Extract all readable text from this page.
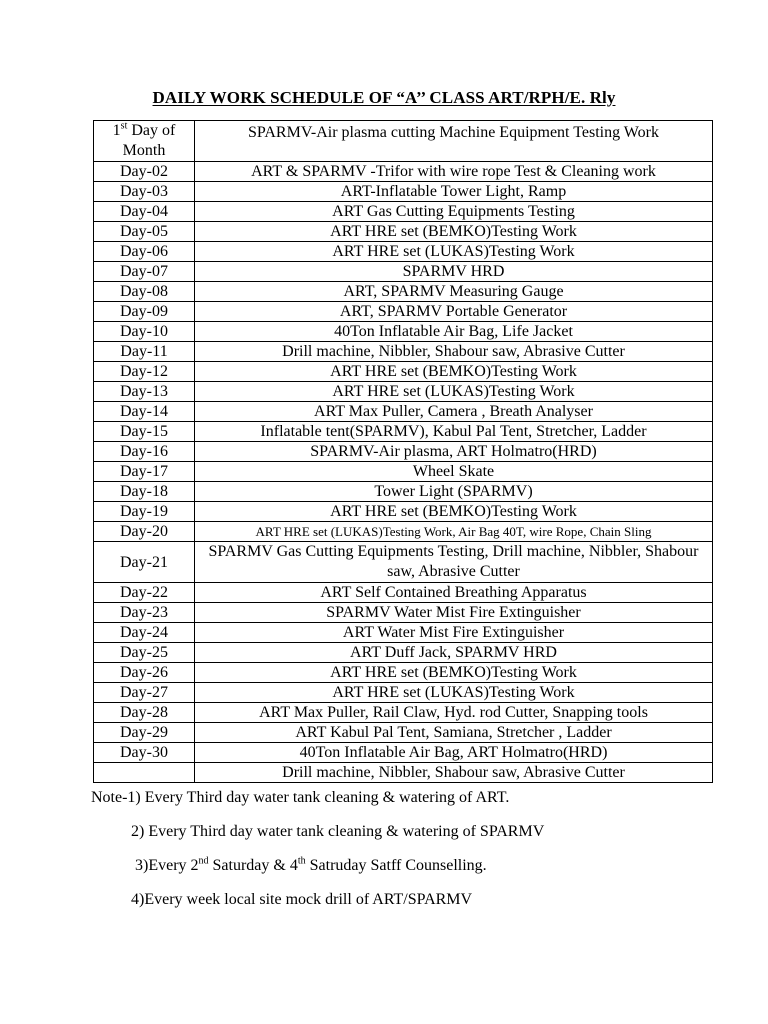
DAILY WORK SCHEDULE OF “A’’ CLASS ART/RPH/E. Rly
1st Day of
Month	SPARMV-Air plasma cutting Machine Equipment Testing Work
Day-02	ART & SPARMV -Trifor with wire rope Test & Cleaning work
Day-03	ART-Inflatable Tower Light, Ramp
Day-04	ART Gas Cutting Equipments Testing
Day-05	ART HRE set (BEMKO)Testing Work
Day-06	ART HRE set (LUKAS)Testing Work
Day-07	SPARMV HRD
Day-08	ART, SPARMV Measuring Gauge
Day-09	ART, SPARMV Portable Generator
Day-10	40Ton Inflatable Air Bag, Life Jacket
Day-11	Drill machine, Nibbler, Shabour saw, Abrasive Cutter
Day-12	ART HRE set (BEMKO)Testing Work
Day-13	ART HRE set (LUKAS)Testing Work
Day-14	ART Max Puller, Camera , Breath Analyser
Day-15	Inflatable tent(SPARMV), Kabul Pal Tent, Stretcher, Ladder
Day-16	SPARMV-Air plasma, ART Holmatro(HRD)
Day-17	Wheel Skate
Day-18	Tower Light (SPARMV)
Day-19	ART HRE set (BEMKO)Testing Work
Day-20	ART HRE set (LUKAS)Testing Work, Air Bag 40T, wire Rope, Chain Sling
Day-21	SPARMV Gas Cutting Equipments Testing, Drill machine, Nibbler, Shabour saw, Abrasive Cutter
Day-22	ART Self Contained Breathing Apparatus
Day-23	SPARMV Water Mist Fire Extinguisher
Day-24	ART Water Mist Fire Extinguisher
Day-25	ART Duff Jack, SPARMV HRD
Day-26	ART HRE set (BEMKO)Testing Work
Day-27	ART HRE set (LUKAS)Testing Work
Day-28	ART Max Puller, Rail Claw, Hyd. rod Cutter, Snapping tools
Day-29	ART Kabul Pal Tent, Samiana, Stretcher , Ladder
Day-30	40Ton Inflatable Air Bag, ART Holmatro(HRD)
	Drill machine, Nibbler, Shabour saw, Abrasive Cutter
Note-1) Every Third day water tank cleaning & watering of ART.
2) Every Third day water tank cleaning & watering of SPARMV
3)Every 2nd Saturday & 4th Satruday Satff Counselling.
4)Every week local site mock drill of ART/SPARMV
